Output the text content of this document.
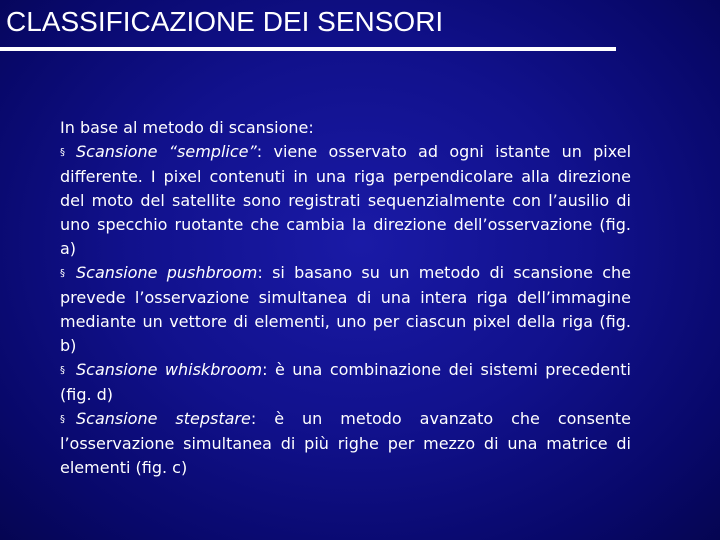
CLASSIFICAZIONE DEI SENSORI

In base al metodo di scansione:

§ Scansione “semplice”: viene osservato ad ogni istante un pixel differente. I pixel contenuti in una riga perpendicolare alla direzione del moto del satellite sono registrati sequenzialmente con l’ausilio di uno specchio ruotante che cambia la direzione dell’osservazione (fig. a)

§ Scansione pushbroom: si basano su un metodo di scansione che prevede l’osservazione simultanea di una intera riga dell’immagine mediante un vettore di elementi, uno per ciascun pixel della riga (fig. b)

§ Scansione whiskbroom: è una combinazione dei sistemi precedenti (fig. d)

§ Scansione stepstare: è un metodo avanzato che consente l’osservazione simultanea di più righe per mezzo di una matrice di elementi (fig. c)
